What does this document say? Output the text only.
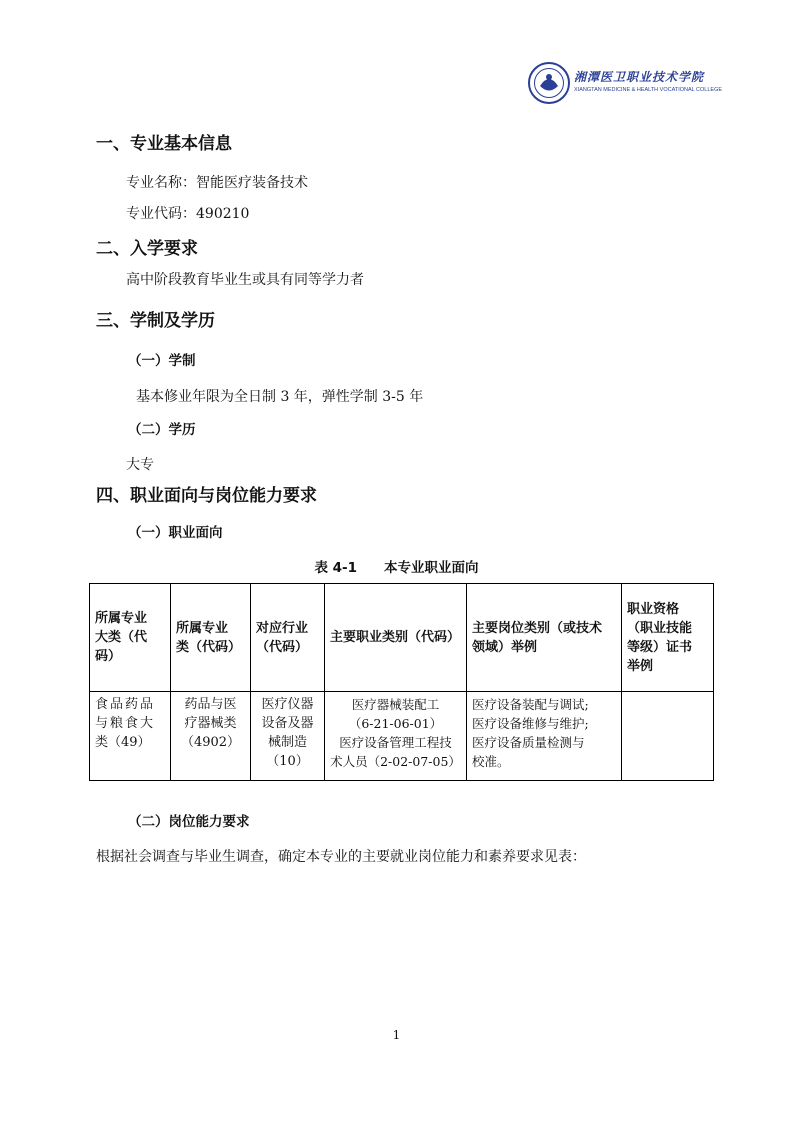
湘潭医卫职业技术学院
XIANGTAN MEDICINE & HEALTH VOCATIONAL COLLEGE
一、专业基本信息
专业名称：智能医疗装备技术
专业代码：490210
二、入学要求
高中阶段教育毕业生或具有同等学力者
三、学制及学历
（一）学制
基本修业年限为全日制 3 年，弹性学制 3-5 年
（二）学历
大专
四、职业面向与岗位能力要求
（一）职业面向
表 4-1　　本专业职业面向
所属专业
大类（代
码）	所属专业
类（代码）	对应行业
（代码）	主要职业类别（代码）	主要岗位类别（或技术
领域）举例	职业资格
（职业技能
等级）证书
举例

食品药品
与粮食大
类（49）	药品与医
疗器械类
（4902）	医疗仪器
设备及器
械制造
（10）	医疗器械装配工
（6-21-06-01）
医疗设备管理工程技
术人员（2-02-07-05）	医疗设备装配与调试;
医疗设备维修与维护;
医疗设备质量检测与
校准。	

（二）岗位能力要求
根据社会调查与毕业生调查，确定本专业的主要就业岗位能力和素养要求见表：
1
